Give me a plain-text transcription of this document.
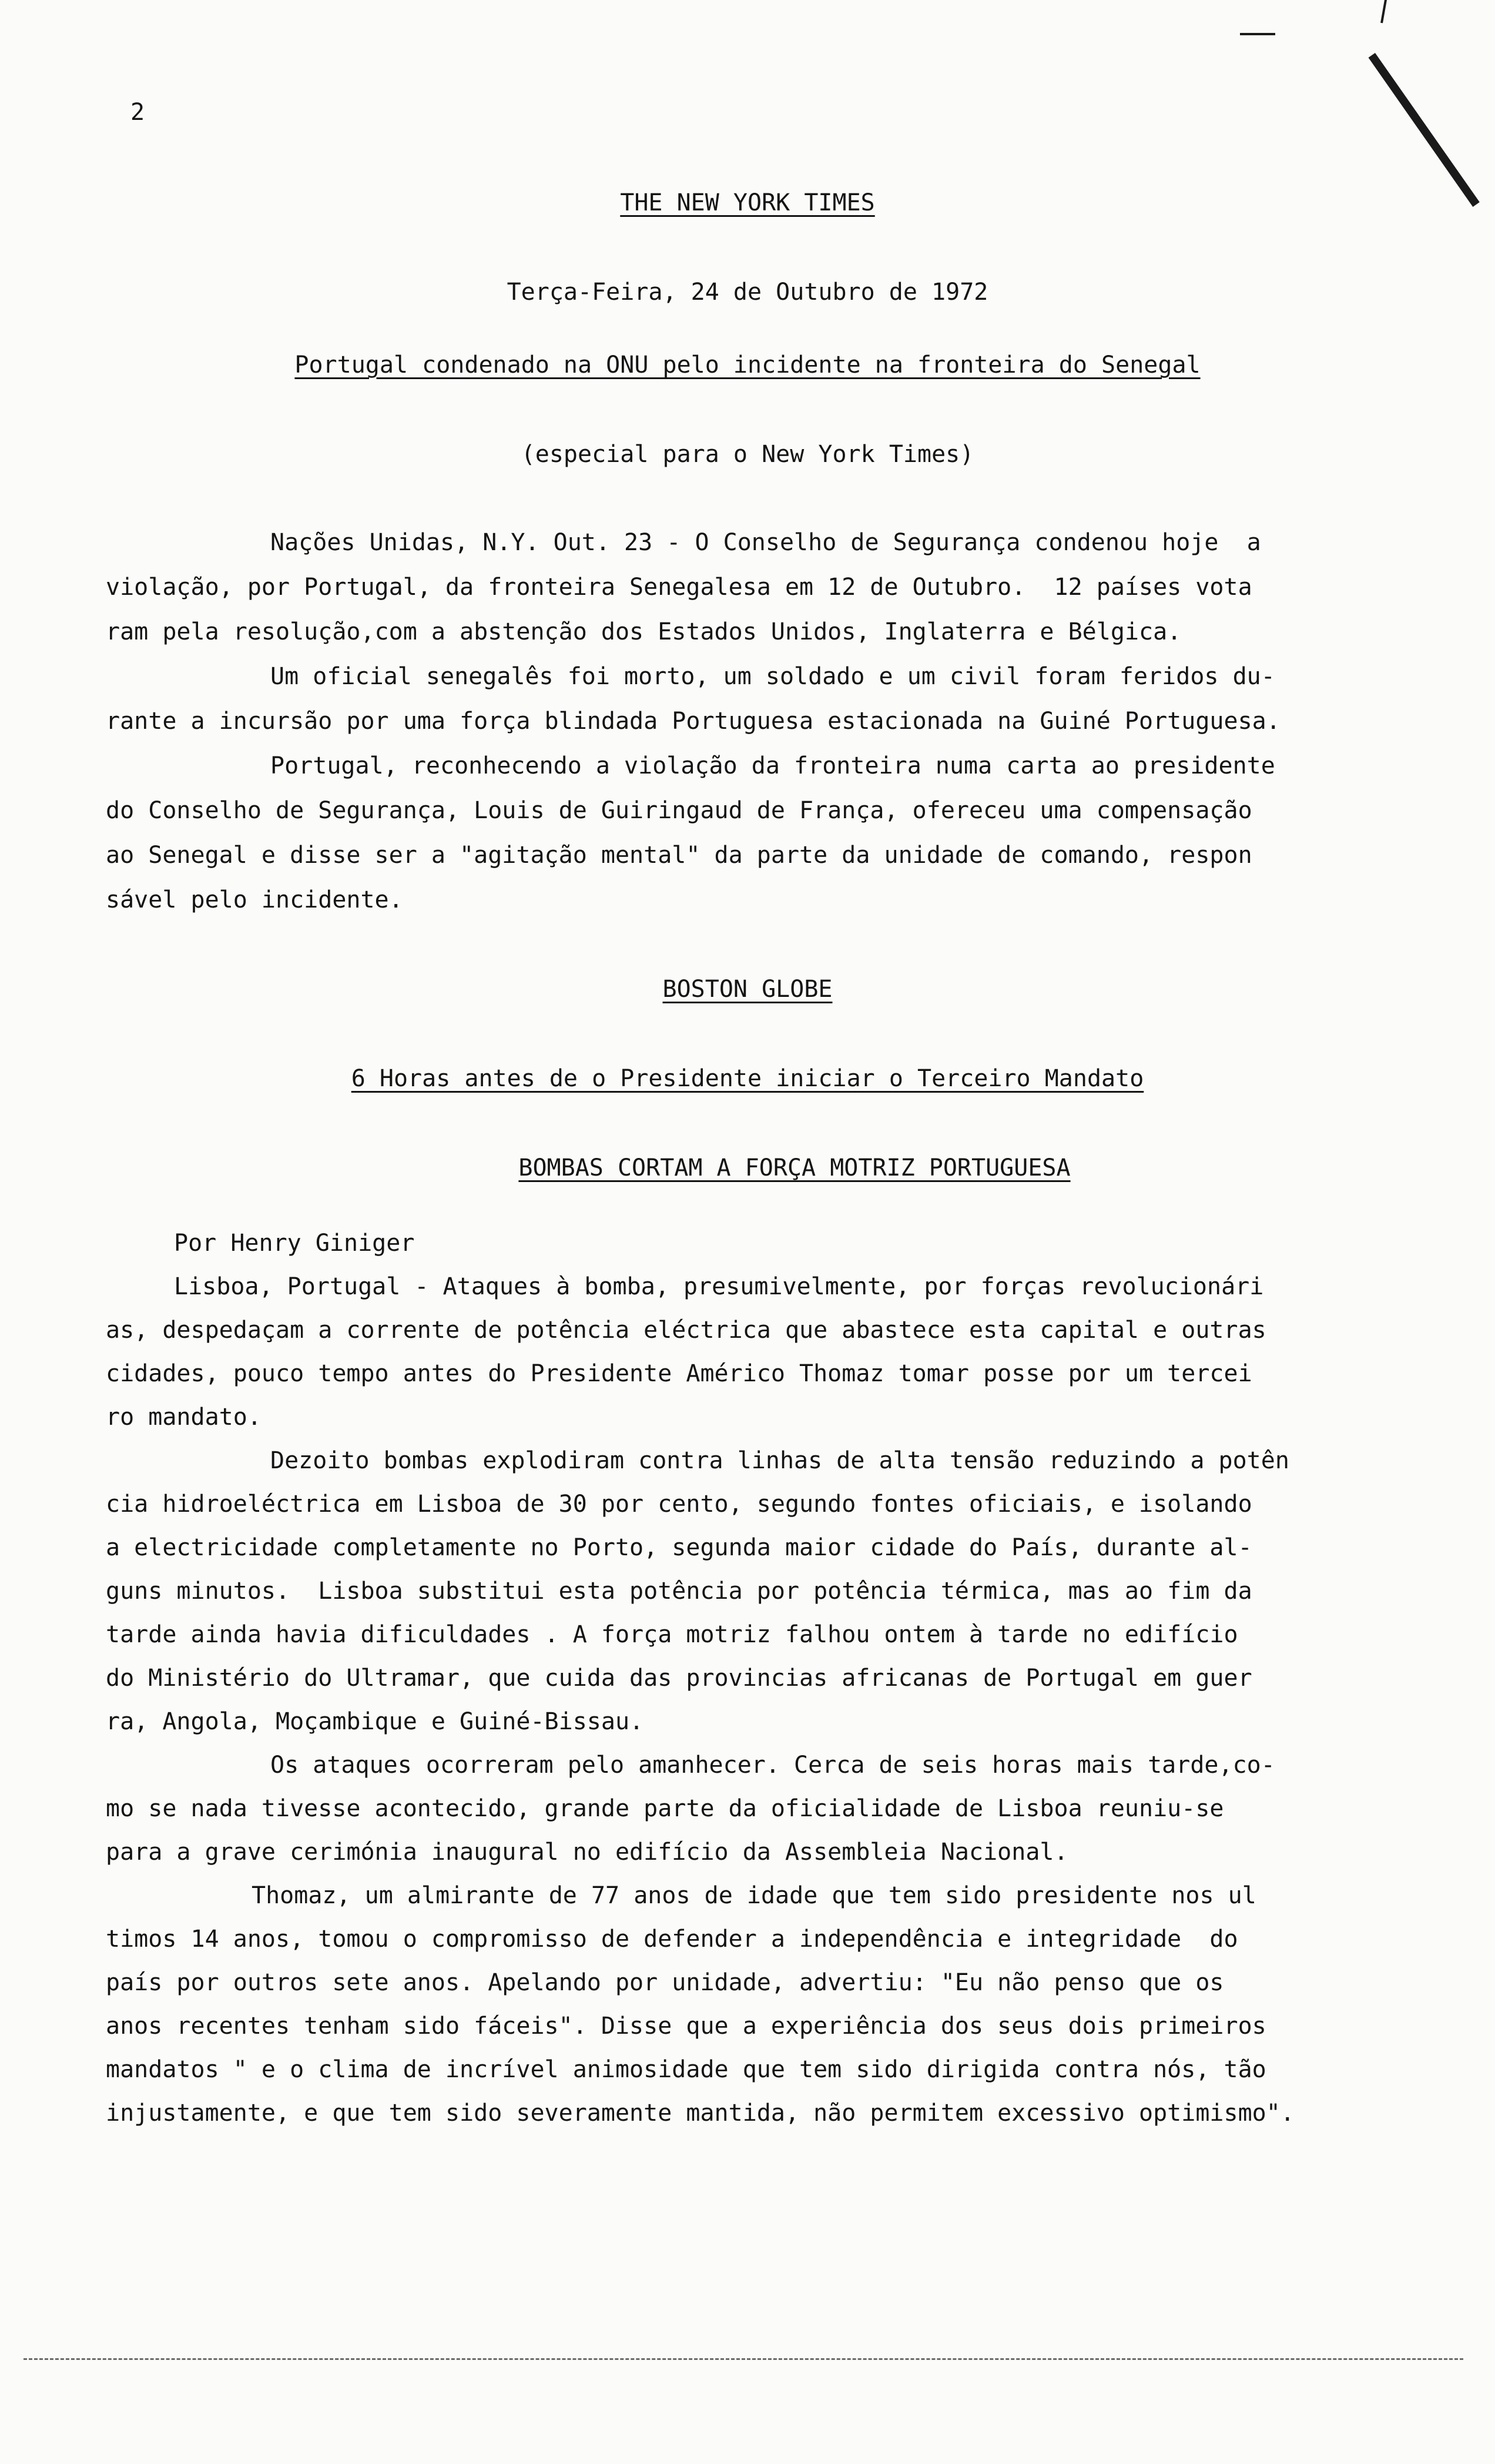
2
THE NEW YORK TIMES
Terça-Feira, 24 de Outubro de 1972
Portugal condenado na ONU pelo incidente na fronteira do Senegal
(especial para o New York Times)
Nações Unidas, N.Y. Out. 23 - O Conselho de Segurança condenou hoje  a
violação, por Portugal, da fronteira Senegalesa em 12 de Outubro.  12 países vota
ram pela resolução,com a abstenção dos Estados Unidos, Inglaterra e Bélgica.
Um oficial senegalês foi morto, um soldado e um civil foram feridos du-
rante a incursão por uma força blindada Portuguesa estacionada na Guiné Portuguesa.
Portugal, reconhecendo a violação da fronteira numa carta ao presidente
do Conselho de Segurança, Louis de Guiringaud de França, ofereceu uma compensação
ao Senegal e disse ser a "agitação mental" da parte da unidade de comando, respon
sável pelo incidente.
BOSTON GLOBE
6 Horas antes de o Presidente iniciar o Terceiro Mandato
BOMBAS CORTAM A FORÇA MOTRIZ PORTUGUESA
Por Henry Giniger
Lisboa, Portugal - Ataques à bomba, presumivelmente, por forças revolucionári
as, despedaçam a corrente de potência eléctrica que abastece esta capital e outras
cidades, pouco tempo antes do Presidente Américo Thomaz tomar posse por um tercei
ro mandato.
Dezoito bombas explodiram contra linhas de alta tensão reduzindo a potên
cia hidroeléctrica em Lisboa de 30 por cento, segundo fontes oficiais, e isolando
a electricidade completamente no Porto, segunda maior cidade do País, durante al-
guns minutos.  Lisboa substitui esta potência por potência térmica, mas ao fim da
tarde ainda havia dificuldades . A força motriz falhou ontem à tarde no edifício
do Ministério do Ultramar, que cuida das provincias africanas de Portugal em guer
ra, Angola, Moçambique e Guiné-Bissau.
Os ataques ocorreram pelo amanhecer. Cerca de seis horas mais tarde,co-
mo se nada tivesse acontecido, grande parte da oficialidade de Lisboa reuniu-se
para a grave cerimónia inaugural no edifício da Assembleia Nacional.
Thomaz, um almirante de 77 anos de idade que tem sido presidente nos ul
timos 14 anos, tomou o compromisso de defender a independência e integridade  do
país por outros sete anos. Apelando por unidade, advertiu: "Eu não penso que os
anos recentes tenham sido fáceis". Disse que a experiência dos seus dois primeiros
mandatos " e o clima de incrível animosidade que tem sido dirigida contra nós, tão
injustamente, e que tem sido severamente mantida, não permitem excessivo optimismo".
